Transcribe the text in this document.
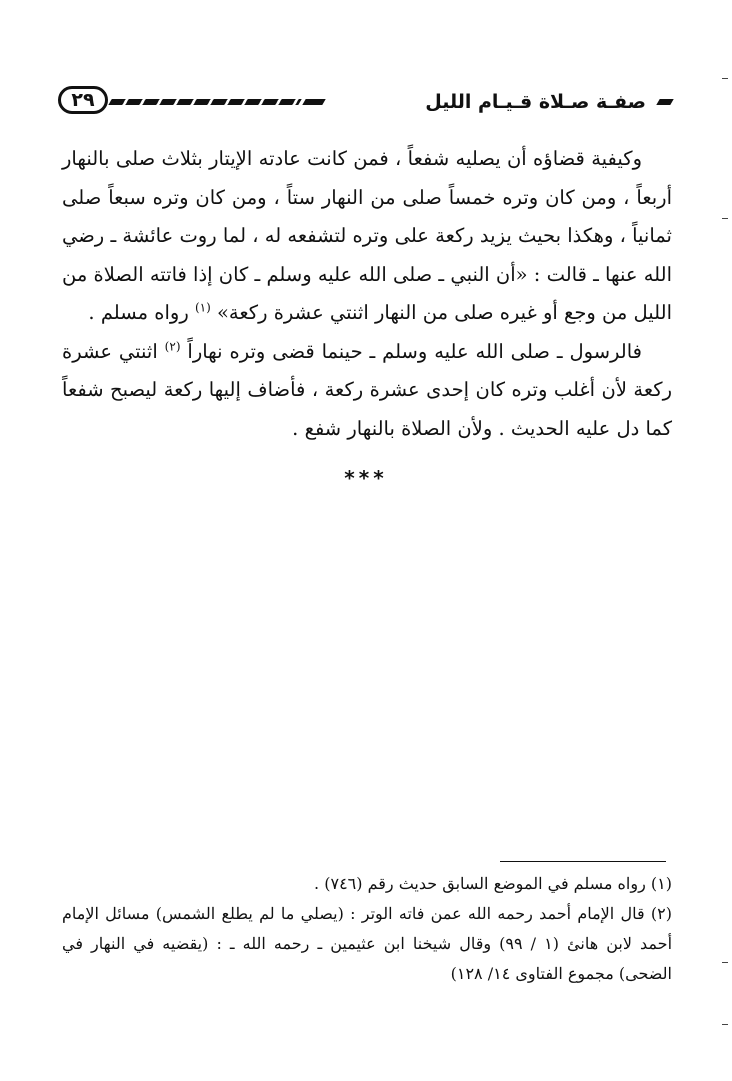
٢٩	صفـة صـلاة قـيـام الليل

وكيفية قضاؤه أن يصليه شفعاً ، فمن كانت عادته الإيتار بثلاث صلى بالنهار أربعاً ، ومن كان وتره خمساً صلى من النهار ستاً ، ومن كان وتره سبعاً صلى ثمانياً ، وهكذا بحيث يزيد ركعة على وتره لتشفعه له ، لما روت عائشة ـ رضي الله عنها ـ قالت : «أن النبي ـ صلى الله عليه وسلم ـ كان إذا فاتته الصلاة من الليل من وجع أو غيره صلى من النهار اثنتي عشرة ركعة» $^{(١)}$ رواه مسلم .

فالرسول ـ صلى الله عليه وسلم ـ حينما قضى وتره نهاراً $^{(٢)}$ اثنتي عشرة ركعة لأن أغلب وتره كان إحدى عشرة ركعة ، فأضاف إليها ركعة ليصبح شفعاً كما دل عليه الحديث . ولأن الصلاة بالنهار شفع .

***

(١) رواه مسلم في الموضع السابق حديث رقم (٧٤٦) .

(٢) قال الإمام أحمد رحمه الله عمن فاته الوتر : (يصلي ما لم يطلع الشمس) مسائل الإمام أحمد لابن هانئ (١ / ٩٩) وقال شيخنا ابن عثيمين ـ رحمه الله ـ : (يقضيه في النهار في الضحى) مجموع الفتاوى ١٤/ ١٢٨)
